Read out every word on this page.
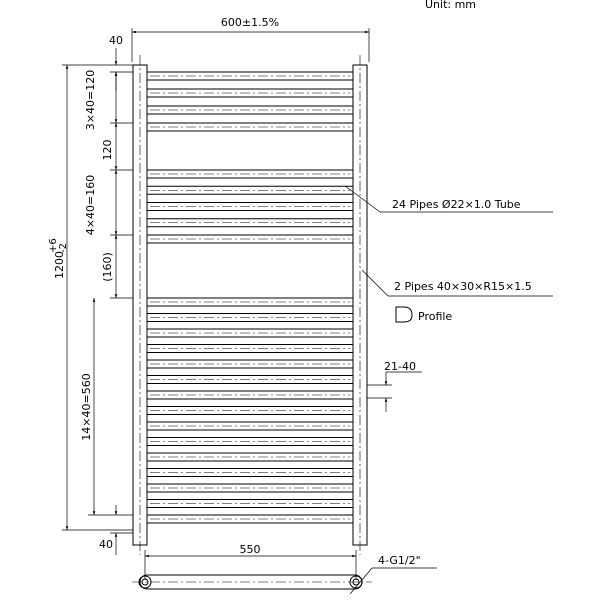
Unit: mm
600±1.5%
40
3×40=120
120
4×40=160
(160)
14×40=560
40
1200
+6 -2
24 Pipes Ø22×1.0 Tube
2 Pipes 40×30×R15×1.5
Profile
21-40
550
4-G1/2"
